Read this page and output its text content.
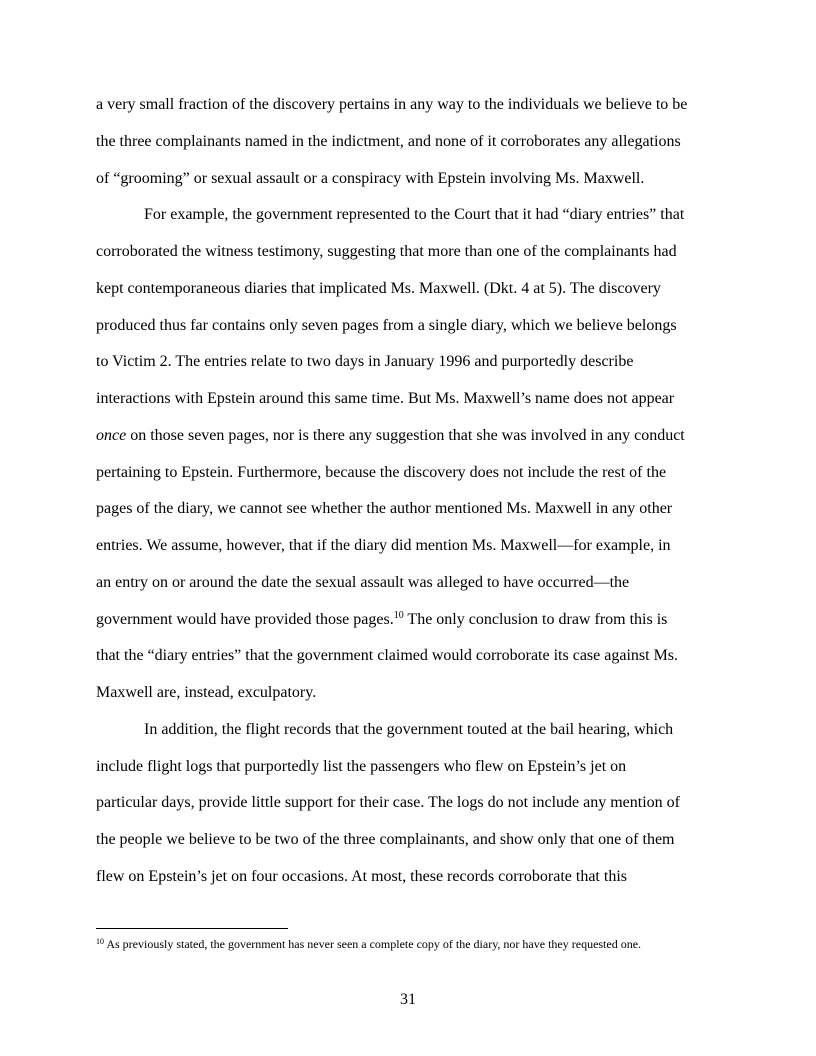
a very small fraction of the discovery pertains in any way to the individuals we believe to be
the three complainants named in the indictment, and none of it corroborates any allegations
of “grooming” or sexual assault or a conspiracy with Epstein involving Ms. Maxwell.
For example, the government represented to the Court that it had “diary entries” that
corroborated the witness testimony, suggesting that more than one of the complainants had
kept contemporaneous diaries that implicated Ms. Maxwell. (Dkt. 4 at 5). The discovery
produced thus far contains only seven pages from a single diary, which we believe belongs
to Victim 2. The entries relate to two days in January 1996 and purportedly describe
interactions with Epstein around this same time. But Ms. Maxwell’s name does not appear
once on those seven pages, nor is there any suggestion that she was involved in any conduct
pertaining to Epstein. Furthermore, because the discovery does not include the rest of the
pages of the diary, we cannot see whether the author mentioned Ms. Maxwell in any other
entries. We assume, however, that if the diary did mention Ms. Maxwell—for example, in
an entry on or around the date the sexual assault was alleged to have occurred—the
government would have provided those pages.$^{10}$ The only conclusion to draw from this is
that the “diary entries” that the government claimed would corroborate its case against Ms.
Maxwell are, instead, exculpatory.
In addition, the flight records that the government touted at the bail hearing, which
include flight logs that purportedly list the passengers who flew on Epstein’s jet on
particular days, provide little support for their case. The logs do not include any mention of
the people we believe to be two of the three complainants, and show only that one of them
flew on Epstein’s jet on four occasions. At most, these records corroborate that this
$^{10}$ As previously stated, the government has never seen a complete copy of the diary, nor have they requested one.
31
